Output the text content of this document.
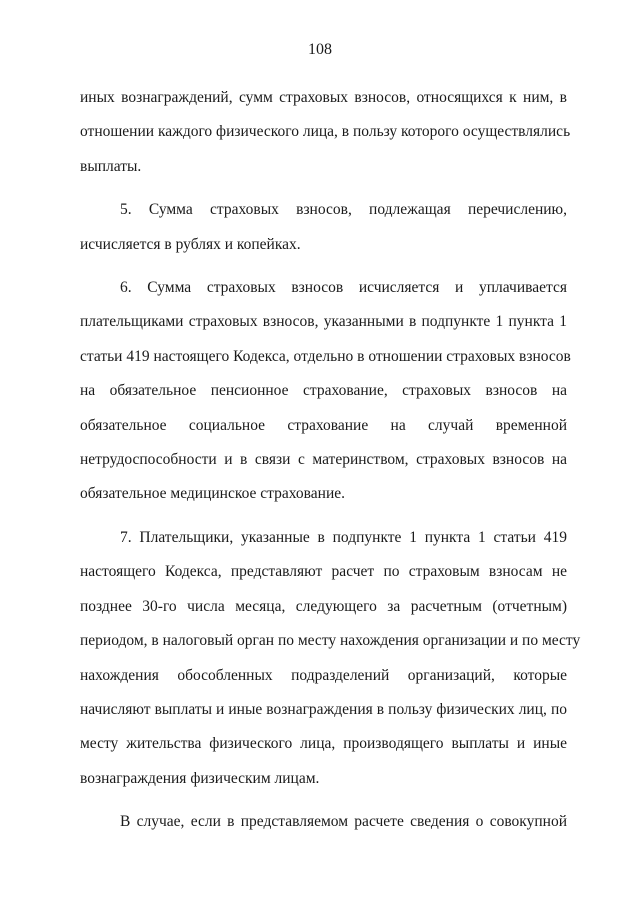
108

иных вознаграждений, сумм страховых взносов, относящихся к ним, в
отношении каждого физического лица, в пользу которого осуществлялись
выплаты.

5. Сумма страховых взносов, подлежащая перечислению,
исчисляется в рублях и копейках.

6. Сумма страховых взносов исчисляется и уплачивается
плательщиками страховых взносов, указанными в подпункте 1 пункта 1
статьи 419 настоящего Кодекса, отдельно в отношении страховых взносов
на обязательное пенсионное страхование, страховых взносов на
обязательное социальное страхование на случай временной
нетрудоспособности и в связи с материнством, страховых взносов на
обязательное медицинское страхование.

7. Плательщики, указанные в подпункте 1 пункта 1 статьи 419
настоящего Кодекса, представляют расчет по страховым взносам не
позднее 30-го числа месяца, следующего за расчетным (отчетным)
периодом, в налоговый орган по месту нахождения организации и по месту
нахождения обособленных подразделений организаций, которые
начисляют выплаты и иные вознаграждения в пользу физических лиц, по
месту жительства физического лица, производящего выплаты и иные
вознаграждения физическим лицам.

В случае, если в представляемом расчете сведения о совокупной
